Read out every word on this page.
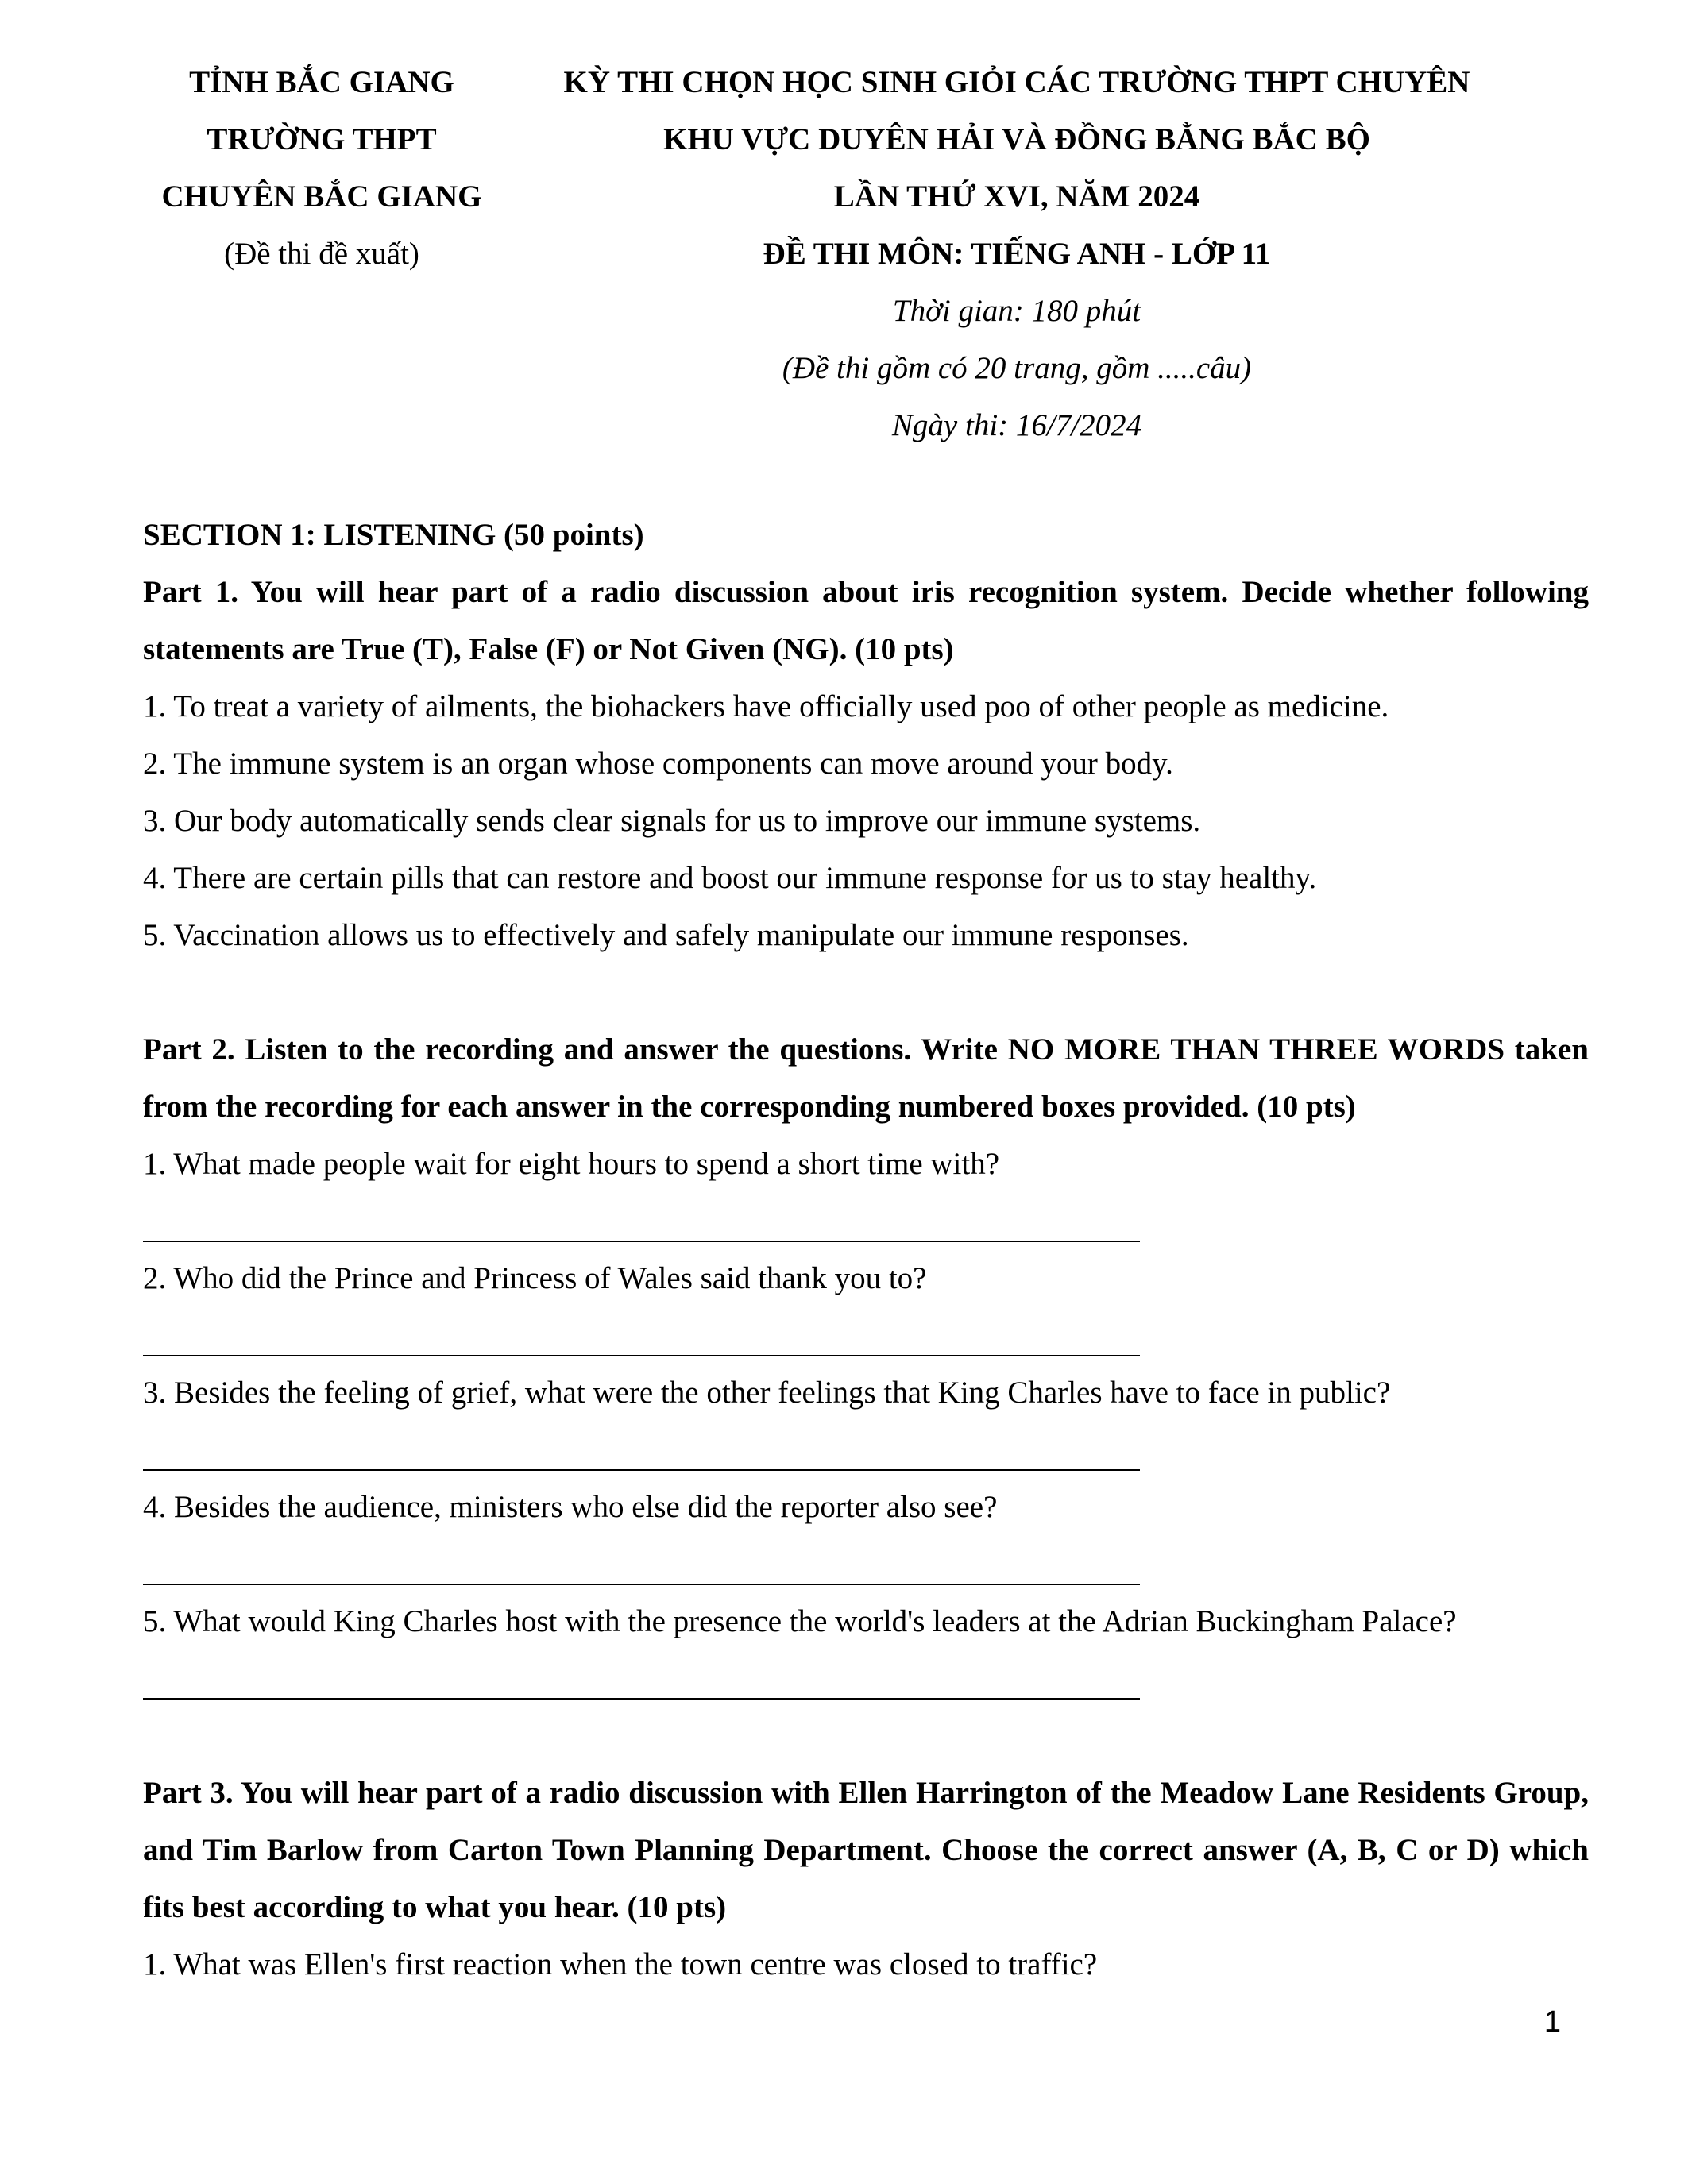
TỈNH BẮC GIANG
TRƯỜNG THPT
CHUYÊN BẮC GIANG
(Đề thi đề xuất)
KỲ THI CHỌN HỌC SINH GIỎI CÁC TRƯỜNG THPT CHUYÊN
KHU VỰC DUYÊN HẢI VÀ ĐỒNG BẰNG BẮC BỘ
LẦN THỨ XVI, NĂM 2024
ĐỀ THI MÔN: TIẾNG ANH - LỚP 11
Thời gian: 180 phút
(Đề thi gồm có 20 trang, gồm .....câu)
Ngày thi: 16/7/2024

SECTION 1: LISTENING (50 points)

Part 1. You will hear part of a radio discussion about iris recognition system. Decide whether following statements are True (T), False (F) or Not Given (NG). (10 pts)

1. To treat a variety of ailments, the biohackers have officially used poo of other people as medicine.

2. The immune system is an organ whose components can move around your body.

3. Our body automatically sends clear signals for us to improve our immune systems.

4. There are certain pills that can restore and boost our immune response for us to stay healthy.

5. Vaccination allows us to effectively and safely manipulate our immune responses.

Part 2. Listen to the recording and answer the questions. Write NO MORE THAN THREE WORDS taken from the recording for each answer in the corresponding numbered boxes provided. (10 pts)

1. What made people wait for eight hours to spend a short time with?

2. Who did the Prince and Princess of Wales said thank you to?

3. Besides the feeling of grief, what were the other feelings that King Charles have to face in public?

4. Besides the audience, ministers who else did the reporter also see?

5. What would King Charles host with the presence the world's leaders at the Adrian Buckingham Palace?

Part 3. You will hear part of a radio discussion with Ellen Harrington of the Meadow Lane Residents Group, and Tim Barlow from Carton Town Planning Department. Choose the correct answer (A, B, C or D) which fits best according to what you hear. (10 pts)

1. What was Ellen's first reaction when the town centre was closed to traffic?

1
